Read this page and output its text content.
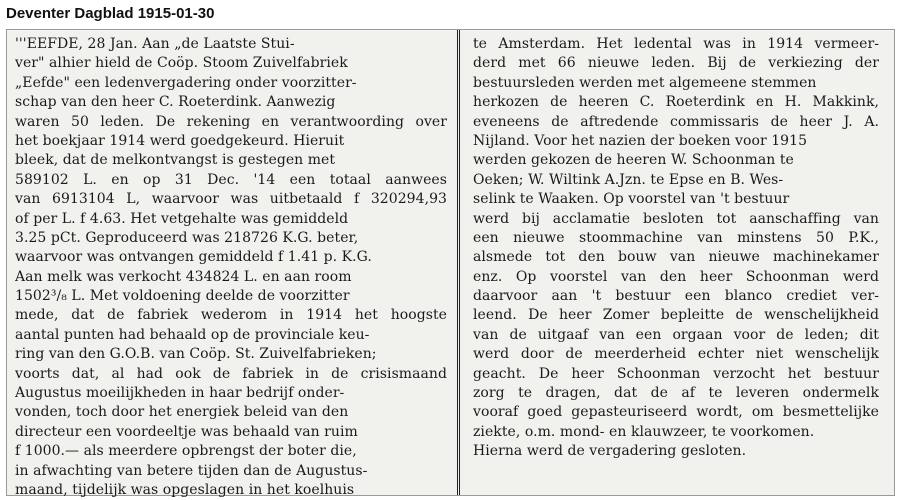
Deventer Dagblad 1915-01-30
'''EEFDE, 28 Jan. Aan „de Laatste Stui-
ver" alhier hield de Coöp. Stoom Zuivelfabriek
„Eefde" een ledenvergadering onder voorzitter-
schap van den heer C. Roeterdink. Aanwezig
waren 50 leden. De rekening en verantwoording over
het boekjaar 1914 werd goedgekeurd. Hieruit
bleek, dat de melkontvangst is gestegen met
589102 L. en op 31 Dec. '14 een totaal aanwees
van 6913104 L, waarvoor was uitbetaald f 320294,93
of per L. f 4.63. Het vetgehalte was gemiddeld
3.25 pCt. Geproduceerd was 218726 K.G. beter,
waarvoor was ontvangen gemiddeld f 1.41 p. K.G.
Aan melk was verkocht 434824 L. en aan room
1502³/₈ L. Met voldoening deelde de voorzitter
mede, dat de fabriek wederom in 1914 het hoogste
aantal punten had behaald op de provinciale keu-
ring van den G.O.B. van Coöp. St. Zuivelfabrieken;
voorts dat, al had ook de fabriek in de crisismaand
Augustus moeilijkheden in haar bedrijf onder-
vonden, toch door het energiek beleid van den
directeur een voordeeltje was behaald van ruim
f 1000.— als meerdere opbrengst der boter die,
in afwachting van betere tijden dan de Augustus-
maand, tijdelijk was opgeslagen in het koelhuis
te Amsterdam. Het ledental was in 1914 vermeer-
derd met 66 nieuwe leden. Bij de verkiezing der
bestuursleden werden met algemeene stemmen
herkozen de heeren C. Roeterdink en H. Makkink,
eveneens de aftredende commissaris de heer J. A.
Nijland. Voor het nazien der boeken voor 1915
werden gekozen de heeren W. Schoonman te
Oeken; W. Wiltink A.Jzn. te Epse en B. Wes-
selink te Waaken. Op voorstel van 't bestuur
werd bij acclamatie besloten tot aanschaffing van
een nieuwe stoommachine van minstens 50 P.K.,
alsmede tot den bouw van nieuwe machinekamer
enz. Op voorstel van den heer Schoonman werd
daarvoor aan 't bestuur een blanco crediet ver-
leend. De heer Zomer bepleitte de wenschelijkheid
van de uitgaaf van een orgaan voor de leden; dit
werd door de meerderheid echter niet wenschelijk
geacht. De heer Schoonman verzocht het bestuur
zorg te dragen, dat de af te leveren ondermelk
vooraf goed gepasteuriseerd wordt, om besmettelijke
ziekte, o.m. mond- en klauwzeer, te voorkomen.
Hierna werd de vergadering gesloten.
